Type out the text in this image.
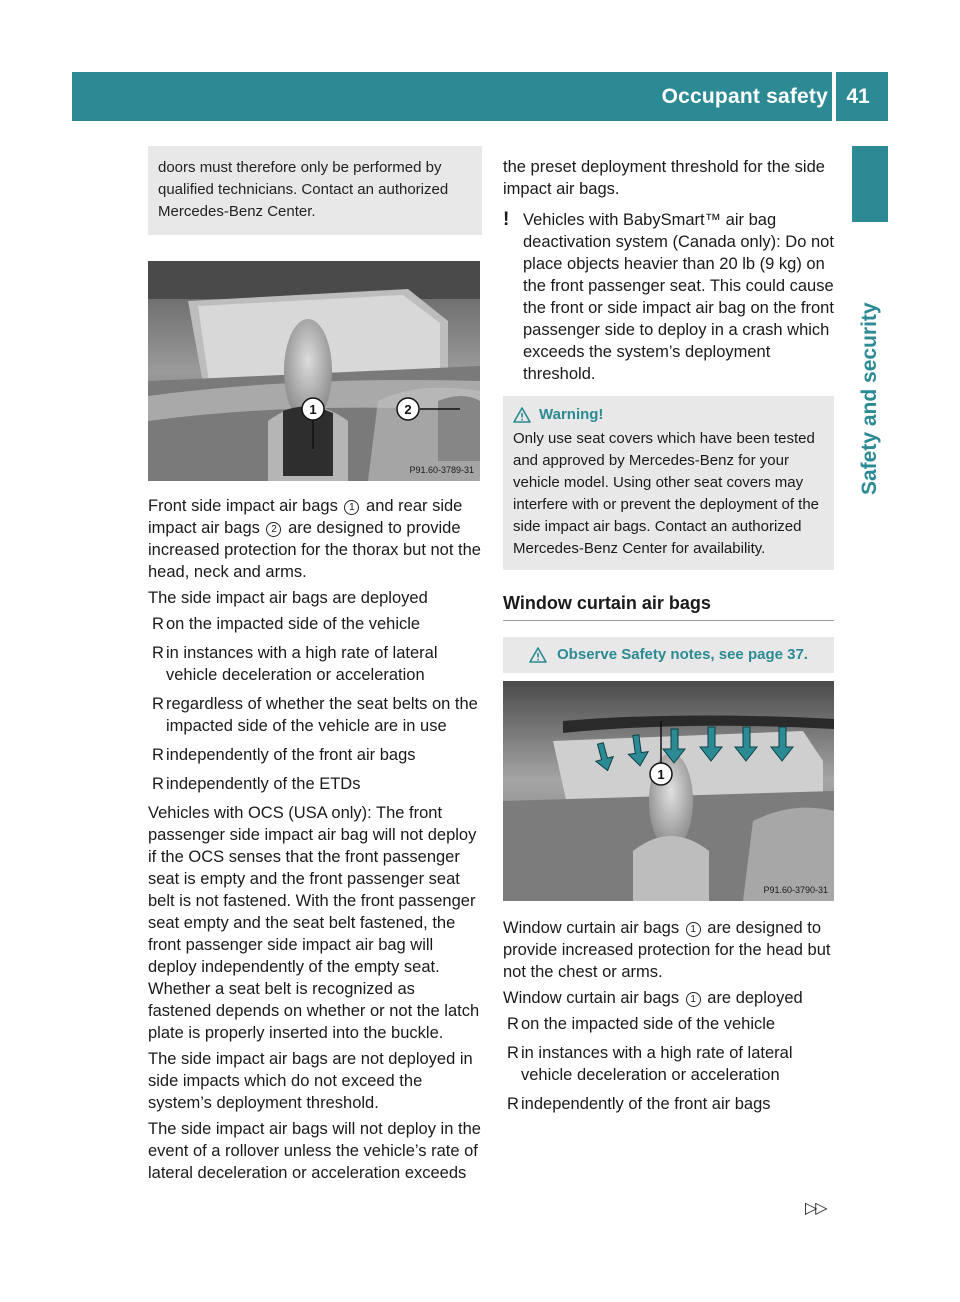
Occupant safety 41
Safety and security
doors must therefore only be performed by qualified technicians. Contact an authorized Mercedes-Benz Center.
1	2
P91.60-3789-31

Front side impact air bags 1 and rear side impact air bags 2 are designed to provide increased protection for the thorax but not the head, neck and arms.

The side impact air bags are deployed

R on the impacted side of the vehicle
R in instances with a high rate of lateral vehicle deceleration or acceleration
R regardless of whether the seat belts on the impacted side of the vehicle are in use
R independently of the front air bags
R independently of the ETDs

Vehicles with OCS (USA only): The front passenger side impact air bag will not deploy if the OCS senses that the front passenger seat is empty and the front passenger seat belt is not fastened. With the front passenger seat empty and the seat belt fastened, the front passenger side impact air bag will deploy independently of the empty seat. Whether a seat belt is recognized as fastened depends on whether or not the latch plate is properly inserted into the buckle.

The side impact air bags are not deployed in side impacts which do not exceed the system’s deployment threshold.

The side impact air bags will not deploy in the event of a rollover unless the vehicle’s rate of lateral deceleration or acceleration exceeds

the preset deployment threshold for the side impact air bags.

! Vehicles with BabySmart™ air bag deactivation system (Canada only): Do not place objects heavier than 20 lb (9 kg) on the front passenger seat. This could cause the front or side impact air bag on the front passenger side to deploy in a crash which exceeds the system’s deployment threshold.
Warning!
Only use seat covers which have been tested and approved by Mercedes-Benz for your vehicle model. Using other seat covers may interfere with or prevent the deployment of the side impact air bags. Contact an authorized Mercedes-Benz Center for availability.
Window curtain air bags
Observe Safety notes, see page 37.
1
P91.60-3790-31

Window curtain air bags 1 are designed to provide increased protection for the head but not the chest or arms.

Window curtain air bags 1 are deployed

R on the impacted side of the vehicle
R in instances with a high rate of lateral vehicle deceleration or acceleration
R independently of the front air bags
▷▷
